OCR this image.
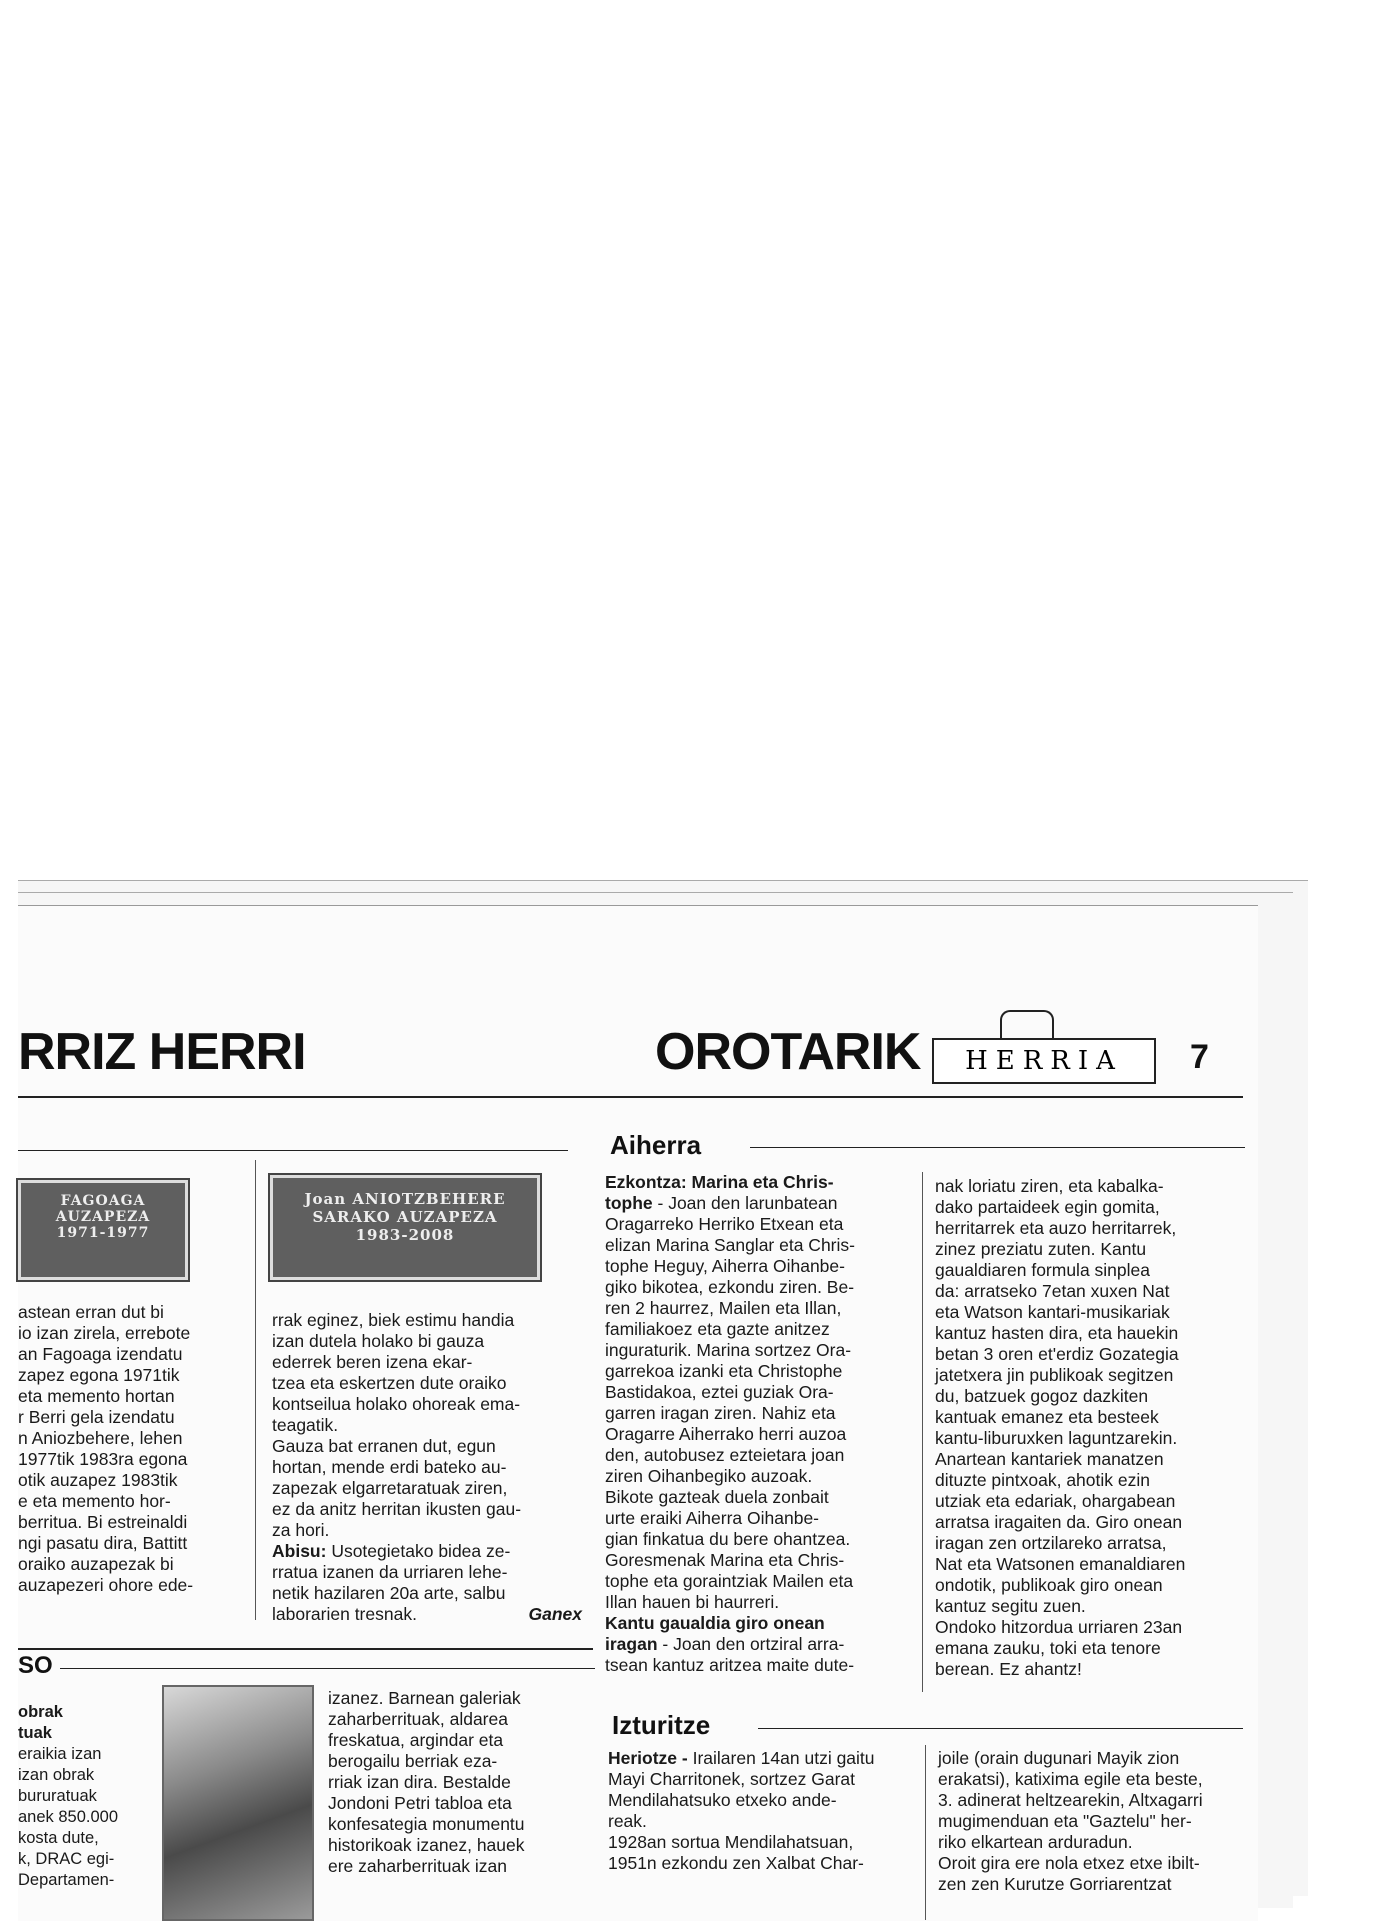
RRIZ HERRI	OROTARIK	HERRIA	7
FAGOAGA
AUZAPEZA
1971-1977
Joan ANIOTZBEHERE
SARAKO AUZAPEZA
1983-2008

astean erran dut bi

io izan zirela, errebote

an Fagoaga izendatu

zapez egona 1971tik

eta memento hortan

r Berri gela izendatu

n Aniozbehere, lehen

1977tik 1983ra egona

otik auzapez 1983tik

e eta memento hor-

berritua. Bi estreinaldi

ngi pasatu dira, Battitt

oraiko auzapezak bi

auzapezeri ohore ede-

rrak eginez, biek estimu handia

izan dutela holako bi gauza

ederrek beren izena ekar-

tzea eta eskertzen dute oraiko

kontseilua holako ohoreak ema-

teagatik.

Gauza bat erranen dut, egun

hortan, mende erdi bateko au-

zapezak elgarretaratuak ziren,

ez da anitz herritan ikusten gau-

za hori.

Abisu: Usotegietako bidea ze-

rratua izanen da urriaren lehe-

netik hazilaren 20a arte, salbu

laborarien tresnak.	Ganex

Aiherra

Ezkontza: Marina eta Chris-

tophe - Joan den larunbatean

Oragarreko Herriko Etxean eta

elizan Marina Sanglar eta Chris-

tophe Heguy, Aiherra Oihanbe-

giko bikotea, ezkondu ziren. Be-

ren 2 haurrez, Mailen eta Illan,

familiakoez eta gazte anitzez

inguraturik. Marina sortzez Ora-

garrekoa izanki eta Christophe

Bastidakoa, eztei guziak Ora-

garren iragan ziren. Nahiz eta

Oragarre Aiherrako herri auzoa

den, autobusez ezteietara joan

ziren Oihanbegiko auzoak.

Bikote gazteak duela zonbait

urte eraiki Aiherra Oihanbe-

gian finkatua du bere ohantzea.

Goresmenak Marina eta Chris-

tophe eta goraintziak Mailen eta

Illan hauen bi haurreri.

Kantu gaualdia giro onean

iragan - Joan den ortziral arra-

tsean kantuz aritzea maite dute-

nak loriatu ziren, eta kabalka-

dako partaideek egin gomita,

herritarrek eta auzo herritarrek,

zinez preziatu zuten. Kantu

gaualdiaren formula sinplea

da: arratseko 7etan xuxen Nat

eta Watson kantari-musikariak

kantuz hasten dira, eta hauekin

betan 3 oren et'erdiz Gozategia

jatetxera jin publikoak segitzen

du, batzuek gogoz dazkiten

kantuak emanez eta besteek

kantu-liburuxken laguntzarekin.

Anartean kantariek manatzen

dituzte pintxoak, ahotik ezin

utziak eta edariak, ohargabean

arratsa iragaiten da. Giro onean

iragan zen ortzilareko arratsa,

Nat eta Watsonen emanaldiaren

ondotik, publikoak giro onean

kantuz segitu zuen.

Ondoko hitzordua urriaren 23an

emana zauku, toki eta tenore

berean. Ez ahantz!

SO

obrak

tuak

eraikia izan

izan obrak

bururatuak

anek 850.000

kosta dute,

k, DRAC egi-

Departamen-

izanez. Barnean galeriak

zaharberrituak, aldarea

freskatua, argindar eta

berogailu berriak eza-

rriak izan dira. Bestalde

Jondoni Petri tabloa eta

konfesategia monumentu

historikoak izanez, hauek

ere zaharberrituak izan

Izturitze

Heriotze - Irailaren 14an utzi gaitu

Mayi Charritonek, sortzez Garat

Mendilahatsuko etxeko ande-

reak.

1928an sortua Mendilahatsuan,

1951n ezkondu zen Xalbat Char-

joile (orain dugunari Mayik zion

erakatsi), katixima egile eta beste,

3. adinerat heltzearekin, Altxagarri

mugimenduan eta "Gaztelu" her-

riko elkartean arduradun.

Oroit gira ere nola etxez etxe ibilt-

zen zen Kurutze Gorriarentzat
